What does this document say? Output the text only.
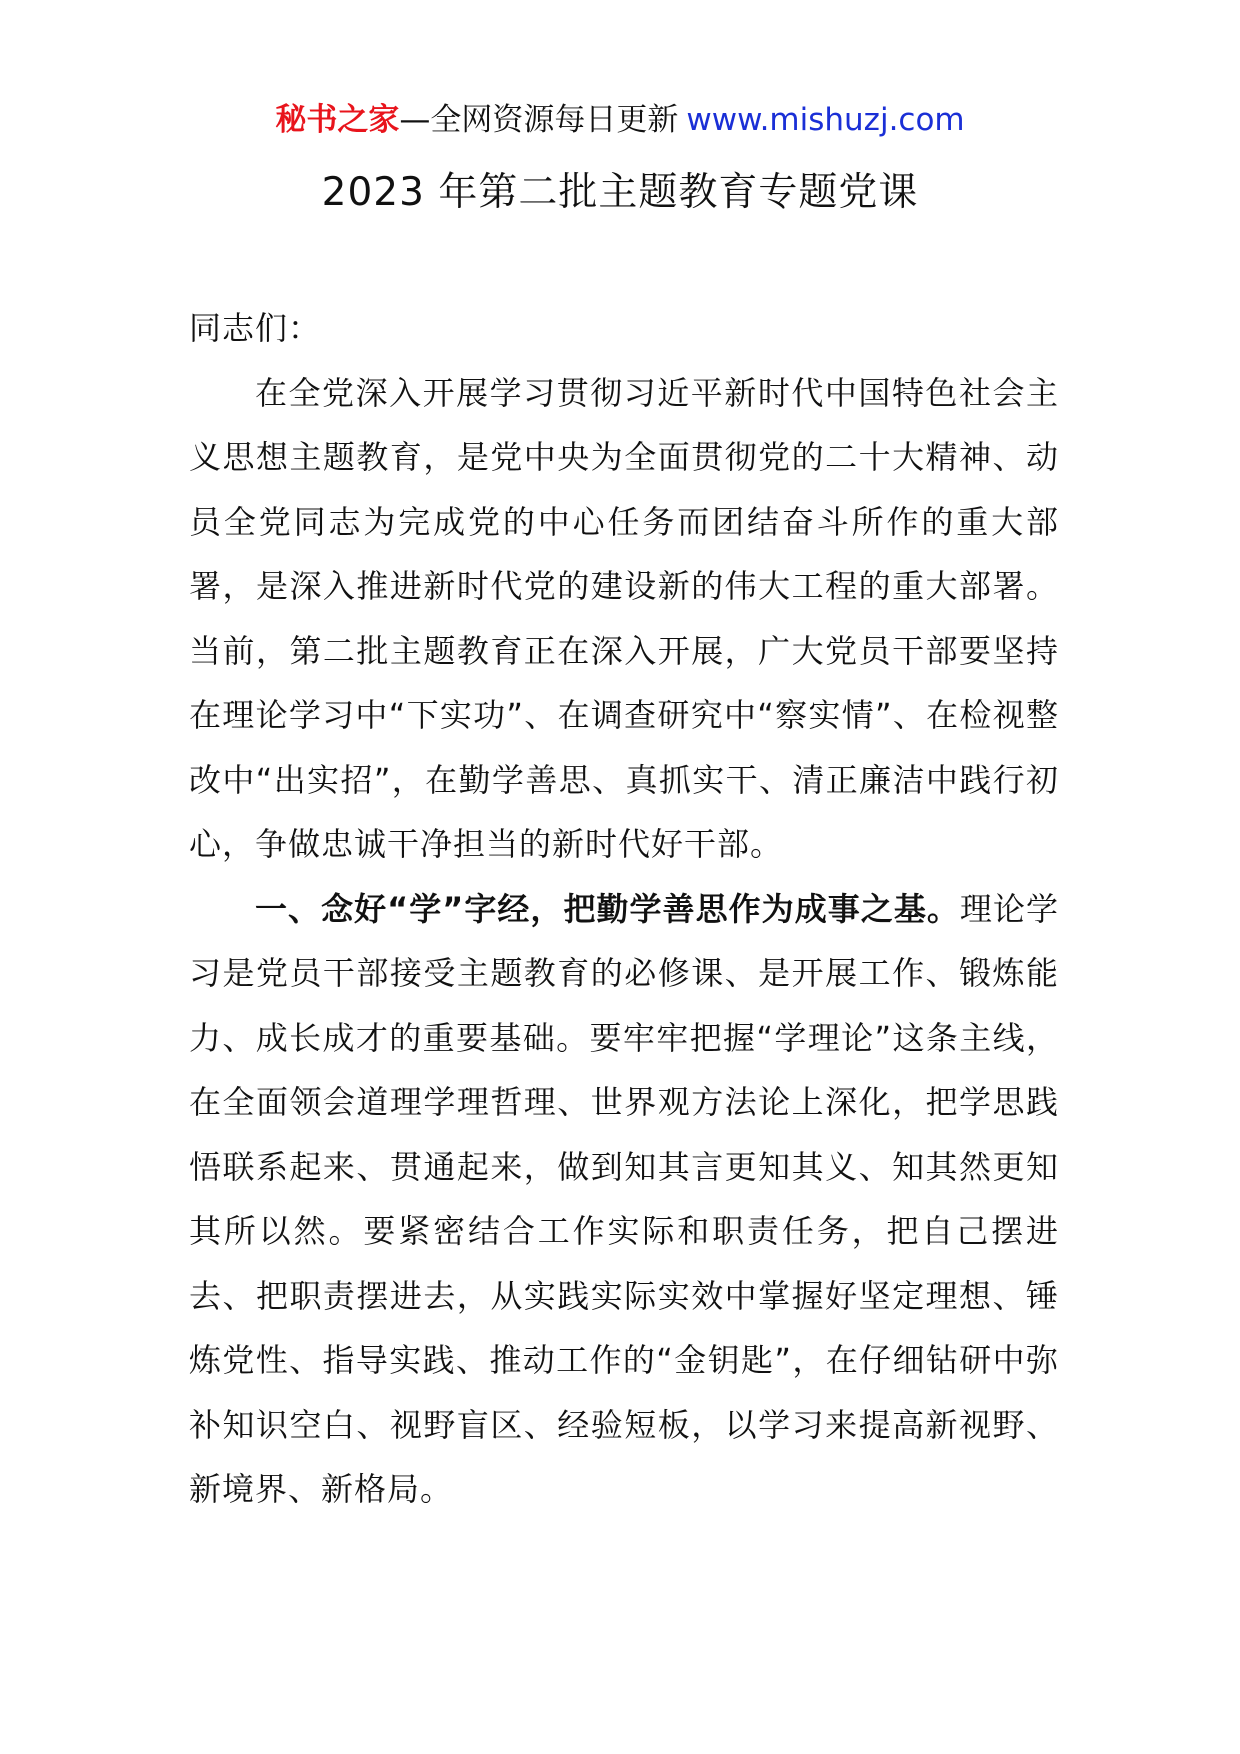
秘书之家—全网资源每日更新 www.mishuzj.com
2023 年第二批主题教育专题党课

同志们：

在全党深入开展学习贯彻习近平新时代中国特色社会主义思想主题教育，是党中央为全面贯彻党的二十大精神、动员全党同志为完成党的中心任务而团结奋斗所作的重大部署，是深入推进新时代党的建设新的伟大工程的重大部署。当前，第二批主题教育正在深入开展，广大党员干部要坚持在理论学习中“下实功”、在调查研究中“察实情”、在检视整改中“出实招”，在勤学善思、真抓实干、清正廉洁中践行初心，争做忠诚干净担当的新时代好干部。

一、念好“学”字经，把勤学善思作为成事之基。理论学习是党员干部接受主题教育的必修课、是开展工作、锻炼能力、成长成才的重要基础。要牢牢把握“学理论”这条主线，在全面领会道理学理哲理、世界观方法论上深化，把学思践悟联系起来、贯通起来，做到知其言更知其义、知其然更知其所以然。要紧密结合工作实际和职责任务，把自己摆进去、把职责摆进去，从实践实际实效中掌握好坚定理想、锤炼党性、指导实践、推动工作的“金钥匙”，在仔细钻研中弥补知识空白、视野盲区、经验短板，以学习来提高新视野、新境界、新格局。
